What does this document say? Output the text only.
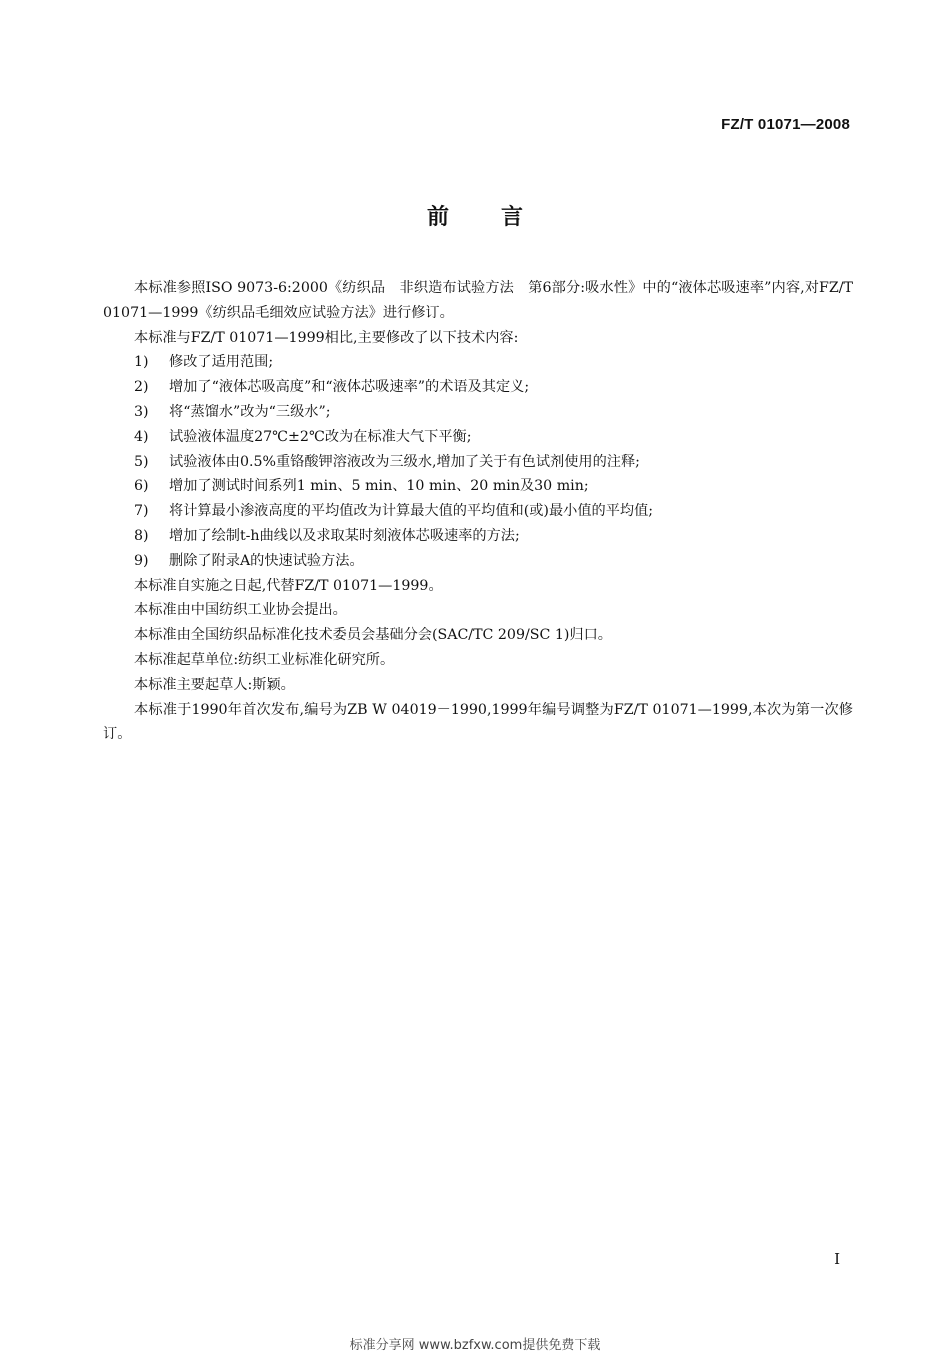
FZ/T 01071—2008
前言

本标准参照ISO 9073-6:2000《纺织品　非织造布试验方法　第6部分:吸水性》中的“液体芯吸速率”内容,对FZ/T 01071—1999《纺织品毛细效应试验方法》进行修订。

本标准与FZ/T 01071—1999相比,主要修改了以下技术内容:

1)	修改了适用范围;
2)	增加了“液体芯吸高度”和“液体芯吸速率”的术语及其定义;
3)	将“蒸馏水”改为“三级水”;
4)	试验液体温度27℃±2℃改为在标准大气下平衡;
5)	试验液体由0.5%重铬酸钾溶液改为三级水,增加了关于有色试剂使用的注释;
6)	增加了测试时间系列1 min、5 min、10 min、20 min及30 min;
7)	将计算最小渗液高度的平均值改为计算最大值的平均值和(或)最小值的平均值;
8)	增加了绘制t-h曲线以及求取某时刻液体芯吸速率的方法;
9)	删除了附录A的快速试验方法。

本标准自实施之日起,代替FZ/T 01071—1999。

本标准由中国纺织工业协会提出。

本标准由全国纺织品标准化技术委员会基础分会(SAC/TC 209/SC 1)归口。

本标准起草单位:纺织工业标准化研究所。

本标准主要起草人:斯颖。

本标准于1990年首次发布,编号为ZB W 04019－1990,1999年编号调整为FZ/T 01071—1999,本次为第一次修订。

I
标准分享网 www.bzfxw.com提供免费下载
